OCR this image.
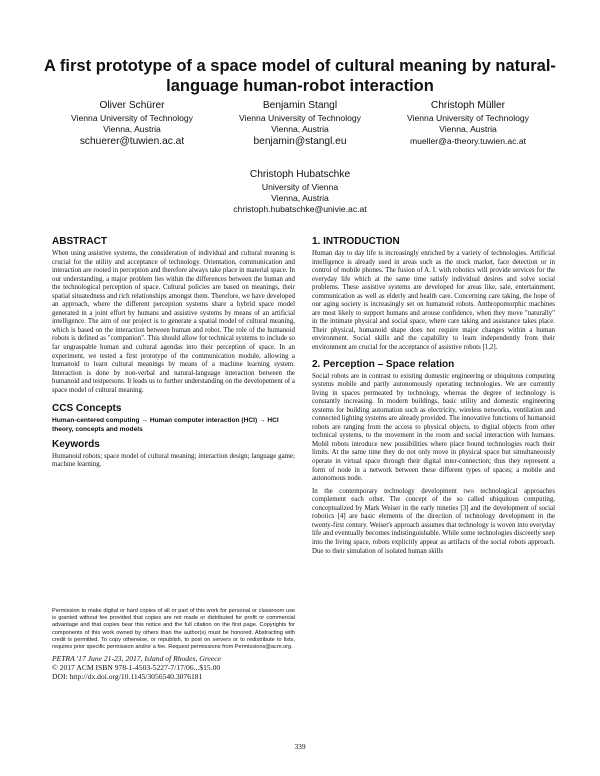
A first prototype of a space model of cultural meaning by natural-language human-robot interaction
Oliver Schürer
Vienna University of Technology
Vienna, Austria
schuerer@tuwien.ac.at
Benjamin Stangl
Vienna University of Technology
Vienna, Austria
benjamin@stangl.eu
Christoph Müller
Vienna University of Technology
Vienna, Austria
mueller@a-theory.tuwien.ac.at
Christoph Hubatschke
University of Vienna
Vienna, Austria
christoph.hubatschke@univie.ac.at
ABSTRACT

When using assistive systems, the consideration of individual and cultural meaning is crucial for the utility and acceptance of technology. Orientation, communication and interaction are rooted in perception and therefore always take place in material space. In our understanding, a major problem lies within the differences between the human and the technological perception of space. Cultural policies are based on meanings, their spatial situatedness and rich relationships amongst them. Therefore, we have developed an approach, where the different perception systems share a hybrid space model generated in a joint effort by humans and assistive systems by means of an artificial intelligence. The aim of our project is to generate a spatial model of cultural meaning, which is based on the interaction between human and robot. The role of the humanoid robots is defined as "companion". This should allow for technical systems to include so far ungraspable human and cultural agendas into their perception of space. In an experiment, we tested a first prototype of the communication module, allowing a humanoid to learn cultural meanings by means of a machine learning system. Interaction is done by non-verbal and natural-language interaction between the humanoid and testpersons. It leads us to further understanding on the developement of a space model of cultural meaning.

CCS Concepts

Human-centered computing → Human computer interaction (HCI) → HCI theory, concepts and models

Keywords

Humanoid robots; space model of cultural meaning; interaction design; language game; machine learning.

Permission to make digital or hard copies of all or part of this work for personal or classroom use is granted without fee provided that copies are not made or distributed for profit or commercial advantage and that copies bear this notice and the full citation on the first page. Copyrights for components of this work owned by others than the author(s) must be honored. Abstracting with credit is permitted. To copy otherwise, or republish, to post on servers or to redistribute to lists, requires prior specific permission and/or a fee. Request permissions from Permissions@acm.org.
PETRA '17 June 21-23, 2017, Island of Rhodes, Greece
© 2017 ACM ISBN 978-1-4503-5227-7/17/06...$15.00
DOI: http://dx.doi.org/10.1145/3056540.3076181
1. INTRODUCTION

Human day to day life is increasingly enriched by a variety of technologies. Artificial intelligence is already used in areas such as the stock market, face detection or in control of mobile phones. The fusion of A. I. with robotics will provide services for the everyday life which at the same time satisfy individual desires and solve social problems. These assistive systems are developed for areas like, sale, entertainment, communication as well as elderly and health care. Concerning care taking, the hope of our aging society is increasingly set on humanoid robots. Anthropomorphic machines are most likely to support humans and arouse confidence, when they move "naturally" in the intimate physical and social space, where care taking and assistance takes place. Their physical, humanoid shape does not require major changes within a human environment. Social skills and the capability to learn independently from their environment are crucial for the acceptance of assistive robots [1,2].

2. Perception – Space relation

Social robots are in contrast to existing domestic engineering or ubiquitous computing systems mobile and partly autonomously operating technologies. We are currently living in spaces permeated by technology, whereas the degree of technology is constantly increasing. In modern buildings, basic utility and domestic engineering systems for building automation such as electricity, wireless networks, ventilation and connected lighting systems are already provided. The innovative functions of humanoid robots are ranging from the access to physical objects, to digital objects from other technical systems, to the movement in the room and social interaction with humans. Mobil robots introduce new possibilities where place bound technologies reach their limits. At the same time they do not only move in physical space but simultaneously operate in virtual space through their digital inter-connection; thus they represent a form of node in a network between these different types of spaces; a mobile and autonomous node.

In the contemporary technology development two technological approaches complement each other. The concept of the so called ubiquitous computing, conceptualized by Mark Weiser in the early nineties [3] and the development of social robotics [4] are basic elements of the direction of technology development in the twenty-first century. Weiser's approach assumes that technology is woven into everyday life and eventually becomes indistinguishable. While some technologies discreetly seep into the living space, robots explicitly appear as artifacts of the social robots approach. Due to their simulation of isolated human skills

339
